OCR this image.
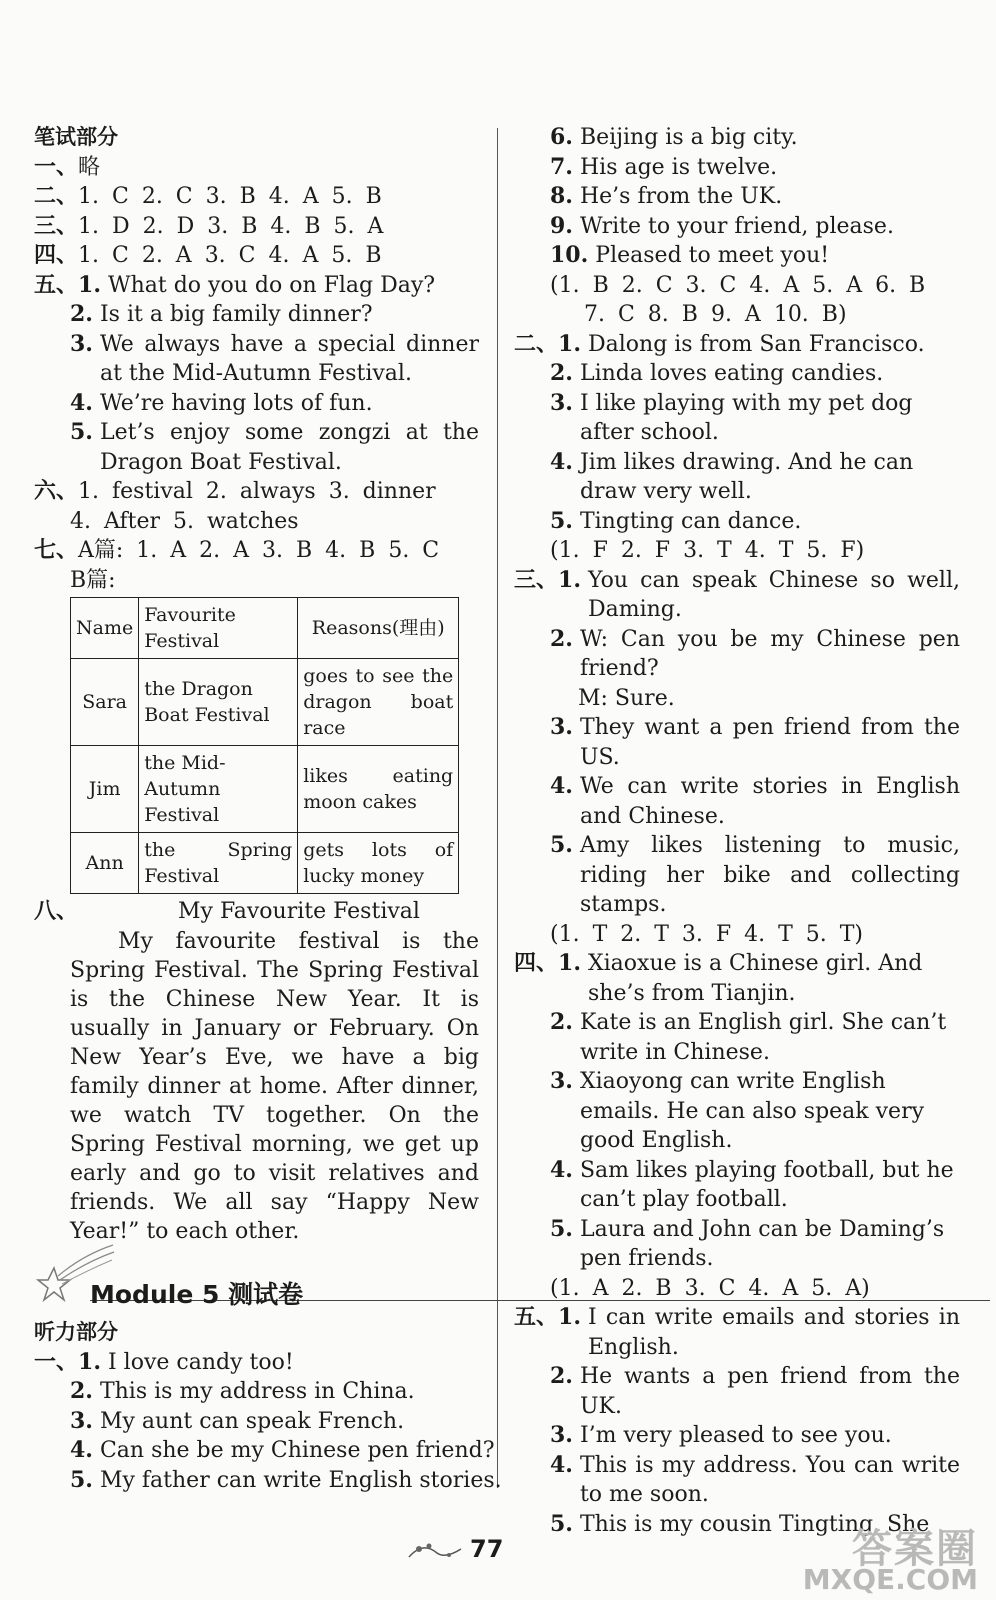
笔试部分
一、 略
二、 1. C 2. C 3. B 4. A 5. B
三、 1. D 2. D 3. B 4. B 5. A
四、 1. C 2. A 3. C 4. A 5. B
五、 1.
What do you do on Flag Day?
2.
Is it a big family dinner?
3.
We always have a special dinner at the Mid-Autumn Festival.
4.
We’re having lots of fun.
5.
Let’s enjoy some zongzi at the Dragon Boat Festival.
六、 1. festival 2. always 3. dinner
4. After 5. watches
七、 A篇: 1. A 2. A 3. B 4. B 5. C
B篇:
Name	Favourite Festival	Reasons(理由)
Sara	the Dragon Boat Festival	goes to see the dragon boat race
Jim	the Mid-Autumn Festival	likes eating moon cakes
Ann	the Spring Festival	gets lots of lucky money
八、	My Favourite Festival
My favourite festival is the Spring Festival. The Spring Festival is the Chinese New Year. It is usually in January or February. On New Year’s Eve, we have a big family dinner at home. After dinner, we watch TV together. On the Spring Festival morning, we get up early and go to visit relatives and friends. We all say “Happy New Year!” to each other.
Module 5 测试卷
听力部分
一、 1.
I love candy too!
2.
This is my address in China.
3.
My aunt can speak French.
4.
Can she be my Chinese pen friend?
5.
My father can write English stories.
6.
Beijing is a big city.
7.
His age is twelve.
8.
He’s from the UK.
9.
Write to your friend, please.
10.
Pleased to meet you!
(1. B 2. C 3. C 4. A 5. A 6. B
7. C 8. B 9. A 10. B)
二、 1.
Dalong is from San Francisco.
2.
Linda loves eating candies.
3.
I like playing with my pet dog after school.
4.
Jim likes drawing. And he can draw very well.
5.
Tingting can dance.
(1. F 2. F 3. T 4. T 5. F)
三、 1.
You can speak Chinese so well, Daming.
2.
W: Can you be my Chinese pen friend?
M: Sure.
3.
They want a pen friend from the US.
4.
We can write stories in English and Chinese.
5.
Amy likes listening to music, riding her bike and collecting stamps.
(1. T 2. T 3. F 4. T 5. T)
四、 1.
Xiaoxue is a Chinese girl. And she’s from Tianjin.
2.
Kate is an English girl. She can’t write in Chinese.
3.
Xiaoyong can write English emails. He can also speak very good English.
4.
Sam likes playing football, but he can’t play football.
5.
Laura and John can be Daming’s pen friends.
(1. A 2. B 3. C 4. A 5. A)
五、 1.
I can write emails and stories in English.
2.
He wants a pen friend from the UK.
3.
I’m very pleased to see you.
4.
This is my address. You can write to me soon.
5.
This is my cousin Tingting. She
77	答案圈
MXQE.COM
